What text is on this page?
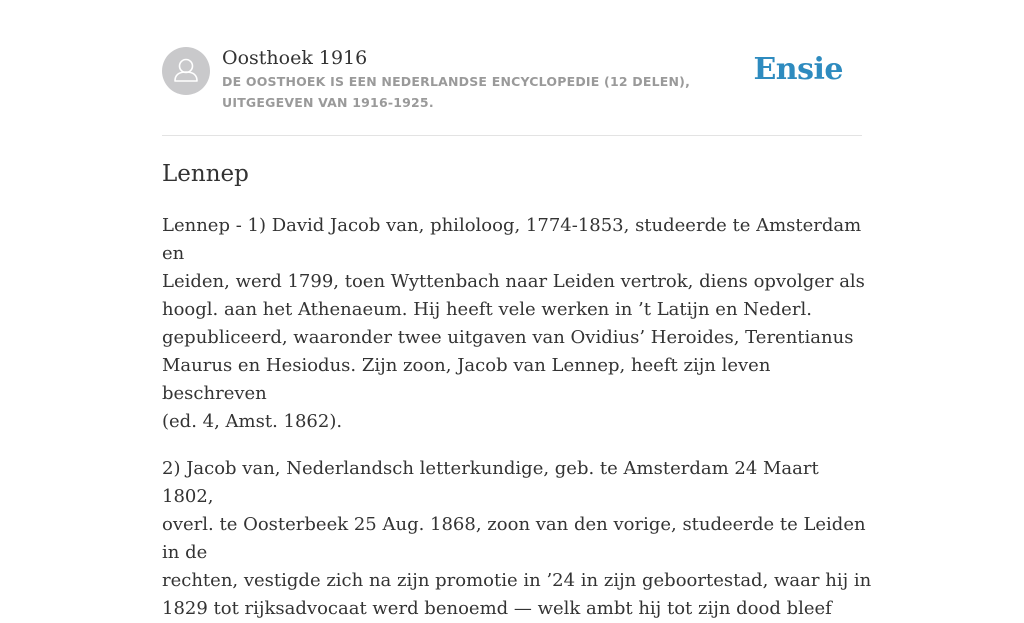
Oosthoek 1916
DE OOSTHOEK IS EEN NEDERLANDSE ENCYCLOPEDIE (12 DELEN), UITGEGEVEN VAN 1916-1925.
Ensie
Lennep

Lennep - 1) David Jacob van, philoloog, 1774-1853, studeerde te Amsterdam en
Leiden, werd 1799, toen Wyttenbach naar Leiden vertrok, diens opvolger als
hoogl. aan het Athenaeum. Hij heeft vele werken in ’t Latijn en Nederl.
gepubliceerd, waaronder twee uitgaven van Ovidius’ Heroides, Terentianus
Maurus en Hesiodus. Zijn zoon, Jacob van Lennep, heeft zijn leven beschreven
(ed. 4, Amst. 1862).

2) Jacob van, Nederlandsch letterkundige, geb. te Amsterdam 24 Maart 1802,
overl. te Oosterbeek 25 Aug. 1868, zoon van den vorige, studeerde te Leiden in de
rechten, vestigde zich na zijn promotie in ’24 in zijn geboortestad, waar hij in
1829 tot rijksadvocaat werd benoemd — welk ambt hij tot zijn dood bleef
